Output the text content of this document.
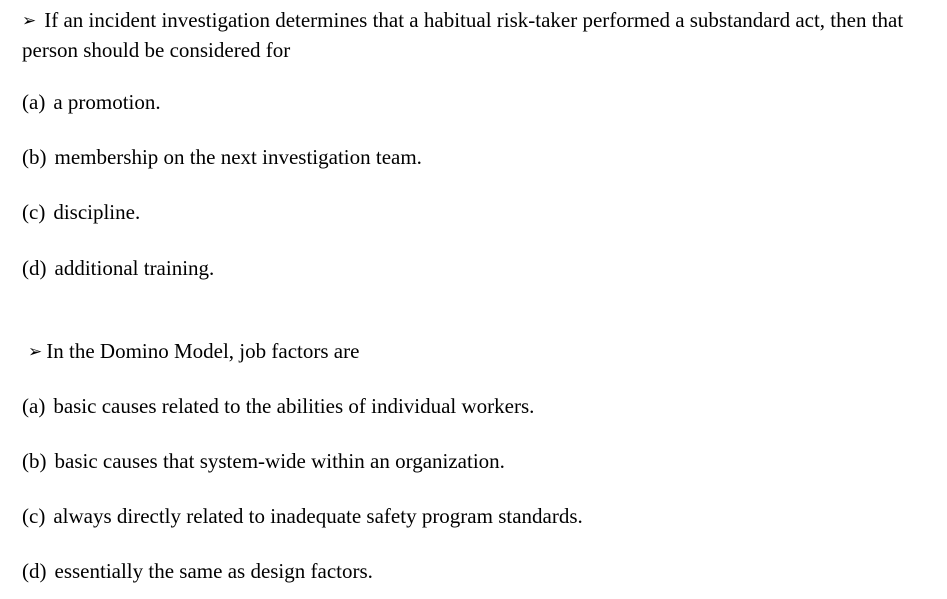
➢ If an incident investigation determines that a habitual risk-taker performed a substandard act, then that person should be considered for

(a) a promotion.

(b) membership on the next investigation team.

(c) discipline.

(d) additional training.

➢ In the Domino Model, job factors are

(a) basic causes related to the abilities of individual workers.

(b) basic causes that system-wide within an organization.

(c) always directly related to inadequate safety program standards.

(d) essentially the same as design factors.
